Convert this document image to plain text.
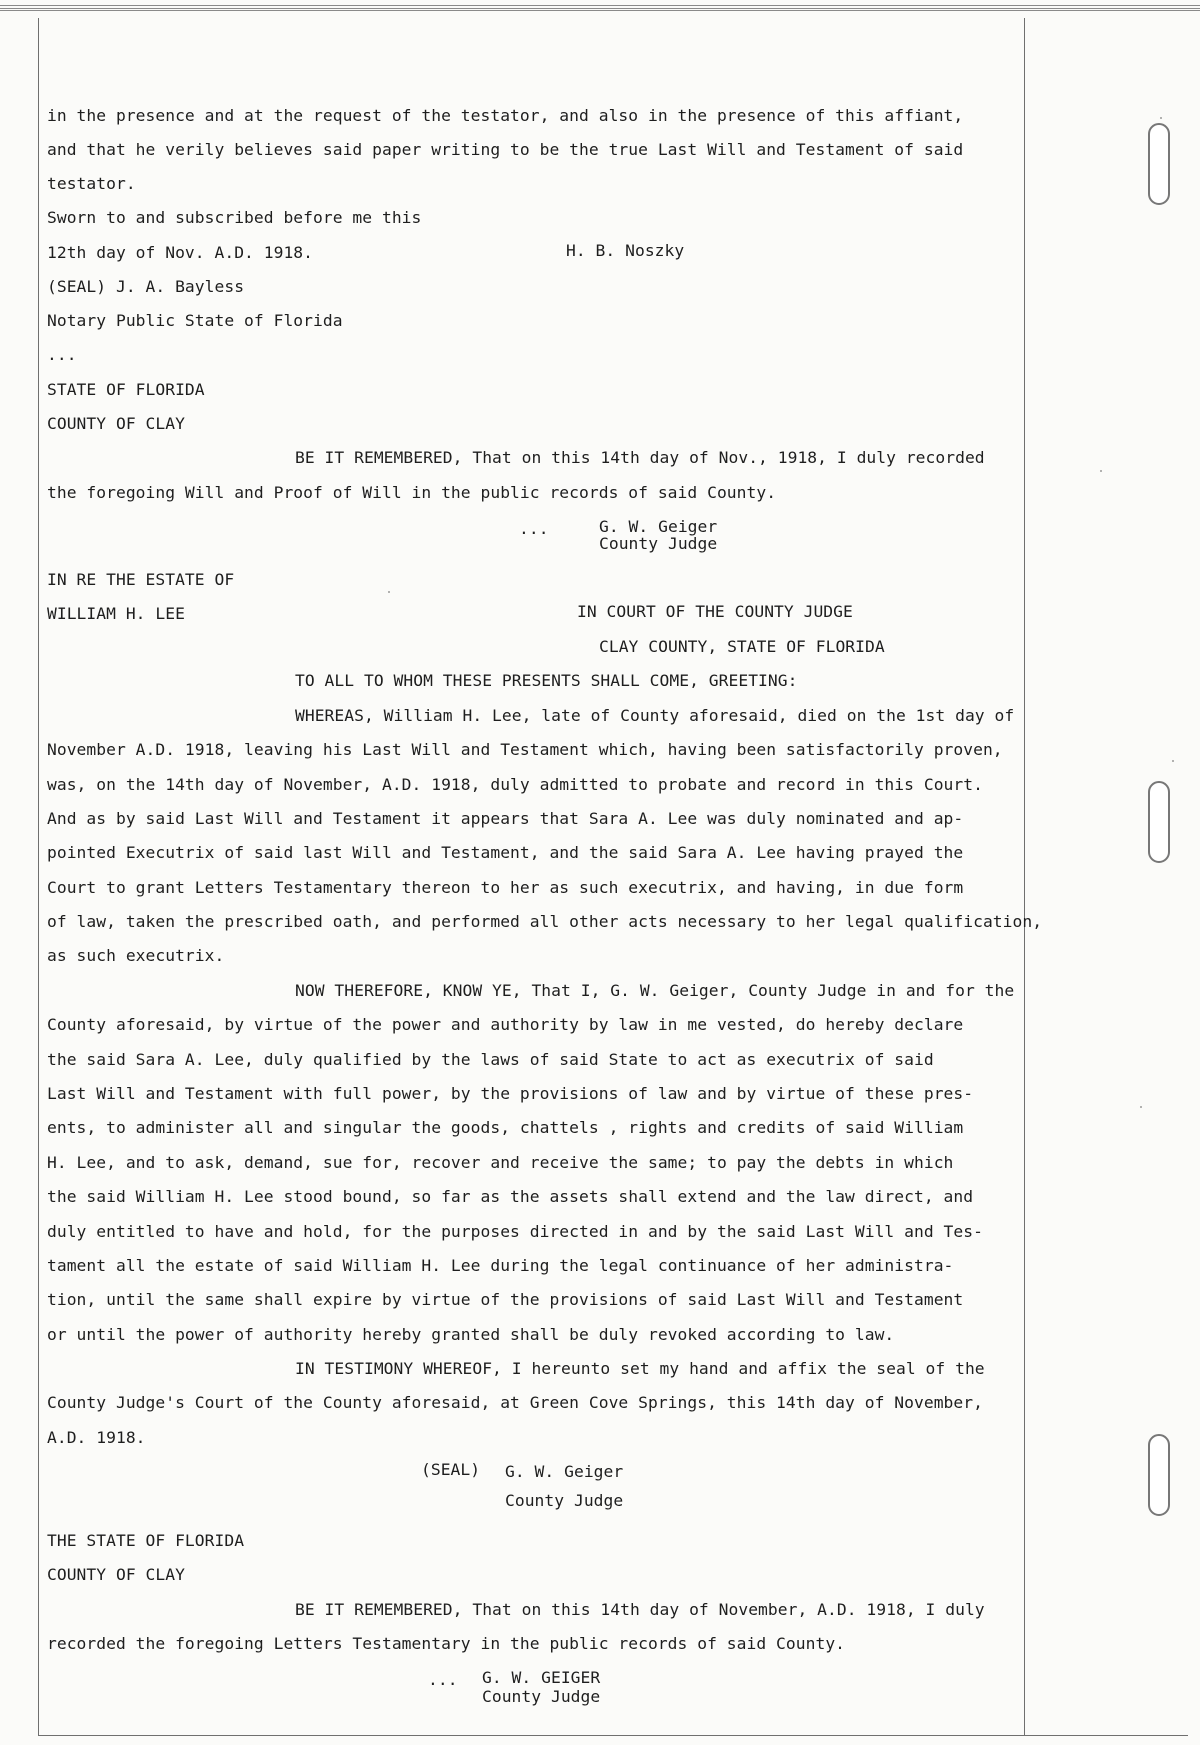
in the presence and at the request of the testator, and also in the presence of this affiant,
and that he verily believes said paper writing to be the true Last Will and Testament of said
testator.
Sworn to and subscribed before me this
12th day of Nov. A.D. 1918.	H. B. Noszky
(SEAL) J. A. Bayless
Notary Public State of Florida
...
STATE OF FLORIDA
COUNTY OF CLAY
BE IT REMEMBERED, That on this 14th day of Nov., 1918, I duly recorded
the foregoing Will and Proof of Will in the public records of said County.
...	G. W. Geiger
County Judge
IN RE THE ESTATE OF
WILLIAM H. LEE	IN COURT OF THE COUNTY JUDGE
CLAY COUNTY, STATE OF FLORIDA
TO ALL TO WHOM THESE PRESENTS SHALL COME, GREETING:
WHEREAS, William H. Lee, late of County aforesaid, died on the 1st day of
November A.D. 1918, leaving his Last Will and Testament which, having been satisfactorily proven,
was, on the 14th day of November, A.D. 1918, duly admitted to probate and record in this Court.
And as by said Last Will and Testament it appears that Sara A. Lee was duly nominated and ap-
pointed Executrix of said last Will and Testament, and the said Sara A. Lee having prayed the
Court to grant Letters Testamentary thereon to her as such executrix, and having, in due form
of law, taken the prescribed oath, and performed all other acts necessary to her legal qualification,
as such executrix.
NOW THEREFORE, KNOW YE, That I, G. W. Geiger, County Judge in and for the
County aforesaid, by virtue of the power and authority by law in me vested, do hereby declare
the said Sara A. Lee, duly qualified by the laws of said State to act as executrix of said
Last Will and Testament with full power, by the provisions of law and by virtue of these pres-
ents, to administer all and singular the goods, chattels , rights and credits of said William
H. Lee, and to ask, demand, sue for, recover and receive the same; to pay the debts in which
the said William H. Lee stood bound, so far as the assets shall extend and the law direct, and
duly entitled to have and hold, for the purposes directed in and by the said Last Will and Tes-
tament all the estate of said William H. Lee during the legal continuance of her administra-
tion, until the same shall expire by virtue of the provisions of said Last Will and Testament
or until the power of authority hereby granted shall be duly revoked according to law.
IN TESTIMONY WHEREOF, I hereunto set my hand and affix the seal of the
County Judge's Court of the County aforesaid, at Green Cove Springs, this 14th day of November,
A.D. 1918.
(SEAL) G. W. Geiger
County Judge
THE STATE OF FLORIDA
COUNTY OF CLAY
BE IT REMEMBERED, That on this 14th day of November, A.D. 1918, I duly
recorded the foregoing Letters Testamentary in the public records of said County.
... G. W. GEIGER
County Judge
